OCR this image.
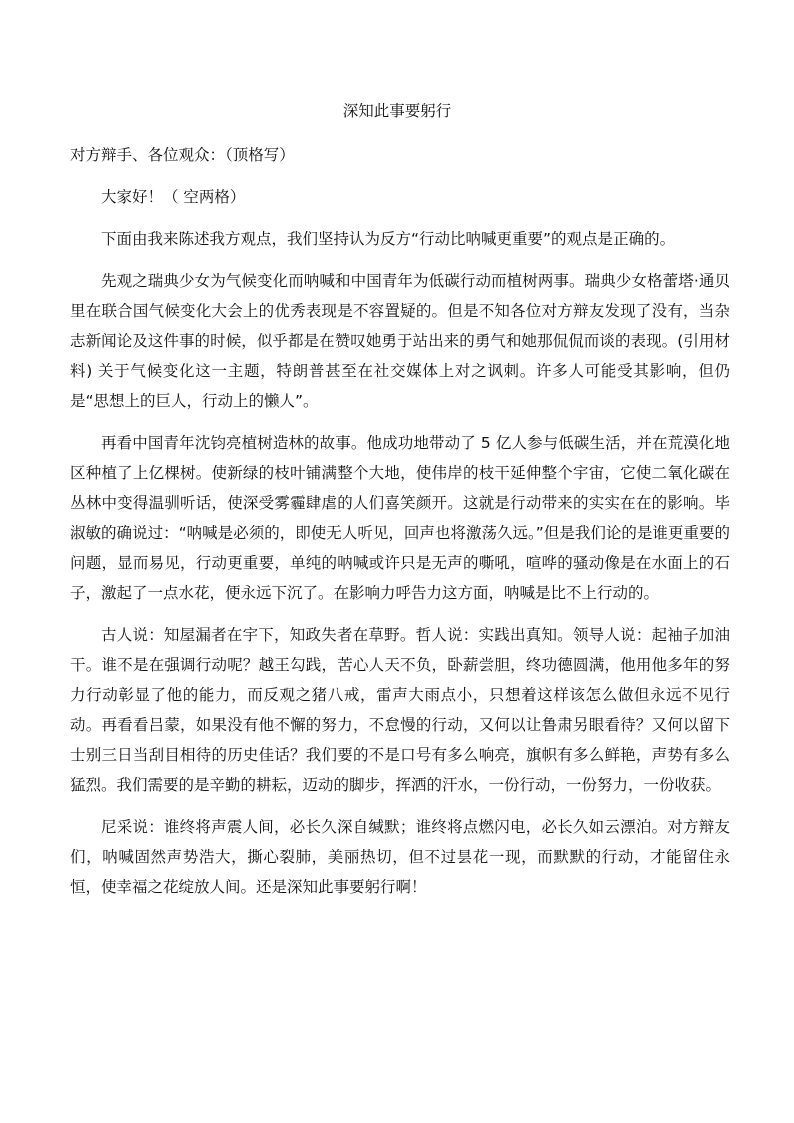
深知此事要躬行

对方辩手、各位观众：（顶格写）

大家好！（ 空两格）

下面由我来陈述我方观点，我们坚持认为反方“行动比呐喊更重要”的观点是正确的。

先观之瑞典少女为气候变化而呐喊和中国青年为低碳行动而植树两事。瑞典少女格蕾塔·通贝里在联合国气候变化大会上的优秀表现是不容置疑的。但是不知各位对方辩友发现了没有，当杂志新闻论及这件事的时候，似乎都是在赞叹她勇于站出来的勇气和她那侃侃而谈的表现。(引用材料) 关于气候变化这一主题，特朗普甚至在社交媒体上对之讽刺。许多人可能受其影响，但仍是“思想上的巨人，行动上的懒人”。

再看中国青年沈钧亮植树造林的故事。他成功地带动了 5 亿人参与低碳生活，并在荒漠化地区种植了上亿棵树。使新绿的枝叶铺满整个大地，使伟岸的枝干延伸整个宇宙，它使二氧化碳在丛林中变得温驯听话，使深受雾霾肆虐的人们喜笑颜开。这就是行动带来的实实在在的影响。毕淑敏的确说过：“呐喊是必须的，即使无人听见，回声也将激荡久远。”但是我们论的是谁更重要的问题，显而易见，行动更重要，单纯的呐喊或许只是无声的嘶吼，喧哗的骚动像是在水面上的石子，激起了一点水花，便永远下沉了。在影响力呼告力这方面，呐喊是比不上行动的。

古人说：知屋漏者在宇下，知政失者在草野。哲人说：实践出真知。领导人说：起袖子加油干。谁不是在强调行动呢？越王勾践，苦心人天不负，卧薪尝胆，终功德圆满，他用他多年的努力行动彰显了他的能力，而反观之猪八戒，雷声大雨点小，只想着这样该怎么做但永远不见行动。再看看吕蒙，如果没有他不懈的努力，不怠慢的行动，又何以让鲁肃另眼看待？又何以留下士别三日当刮目相待的历史佳话？我们要的不是口号有多么响亮，旗帜有多么鲜艳，声势有多么猛烈。我们需要的是辛勤的耕耘，迈动的脚步，挥洒的汗水，一份行动，一份努力，一份收获。

尼采说：谁终将声震人间，必长久深自缄默；谁终将点燃闪电，必长久如云漂泊。对方辩友们，呐喊固然声势浩大，撕心裂肺，美丽热切，但不过昙花一现，而默默的行动，才能留住永恒，使幸福之花绽放人间。还是深知此事要躬行啊！
